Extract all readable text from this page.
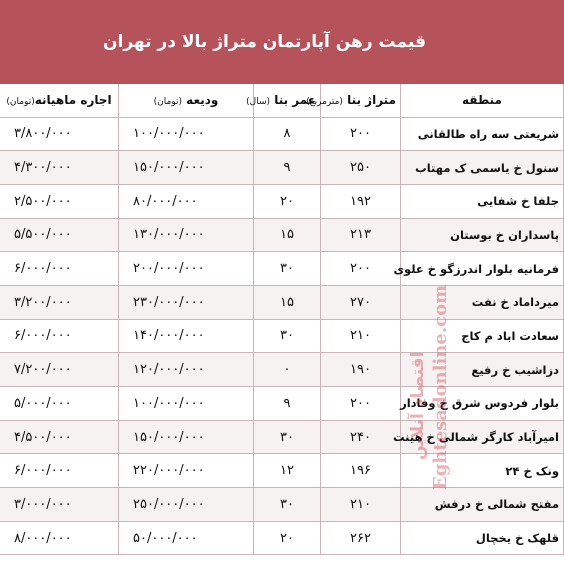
قیمت رهن آپارتمان متراژ بالا در تهران
منطقه	متراژ بنا (مترمربع)	عمر بنا (سال)	ودیعه (تومان)	اجاره ماهیانه(تومان)
شریعتی سه راه طالقانی	۲۰۰	۸	۱۰۰/۰۰۰/۰۰۰	۳/۸۰۰/۰۰۰
سنول خ یاسمی ک مهتاب	۲۵۰	۹	۱۵۰/۰۰۰/۰۰۰	۴/۳۰۰/۰۰۰
جلفا خ شفایی	۱۹۲	۲۰	۸۰/۰۰۰/۰۰۰	۲/۵۰۰/۰۰۰
پاسداران خ بوستان	۲۱۳	۱۵	۱۳۰/۰۰۰/۰۰۰	۵/۵۰۰/۰۰۰
فرمانیه بلوار اندرزگو خ علوی	۲۰۰	۳۰	۲۰۰/۰۰۰/۰۰۰	۶/۰۰۰/۰۰۰
میرداماد خ نفت	۲۷۰	۱۵	۲۳۰/۰۰۰/۰۰۰	۳/۲۰۰/۰۰۰
سعادت اباد م کاج	۲۱۰	۳۰	۱۴۰/۰۰۰/۰۰۰	۶/۰۰۰/۰۰۰
دزاشیب خ رفیع	۱۹۰	۰	۱۲۰/۰۰۰/۰۰۰	۷/۲۰۰/۰۰۰
بلوار فردوس شرق خ وفادار	۲۰۰	۹	۱۰۰/۰۰۰/۰۰۰	۵/۰۰۰/۰۰۰
امیرآباد کارگر شمالی خ هینت	۲۴۰	۳۰	۱۵۰/۰۰۰/۰۰۰	۴/۵۰۰/۰۰۰
ونک خ ۲۴	۱۹۶	۱۲	۲۲۰/۰۰۰/۰۰۰	۶/۰۰۰/۰۰۰
مفتح شمالی خ درفش	۲۱۰	۳۰	۲۵۰/۰۰۰/۰۰۰	۳/۰۰۰/۰۰۰
قلهک خ یخچال	۲۶۲	۲۰	۵۰/۰۰۰/۰۰۰	۸/۰۰۰/۰۰۰
اقتصاد آنلاین Eghtesadonline.com
